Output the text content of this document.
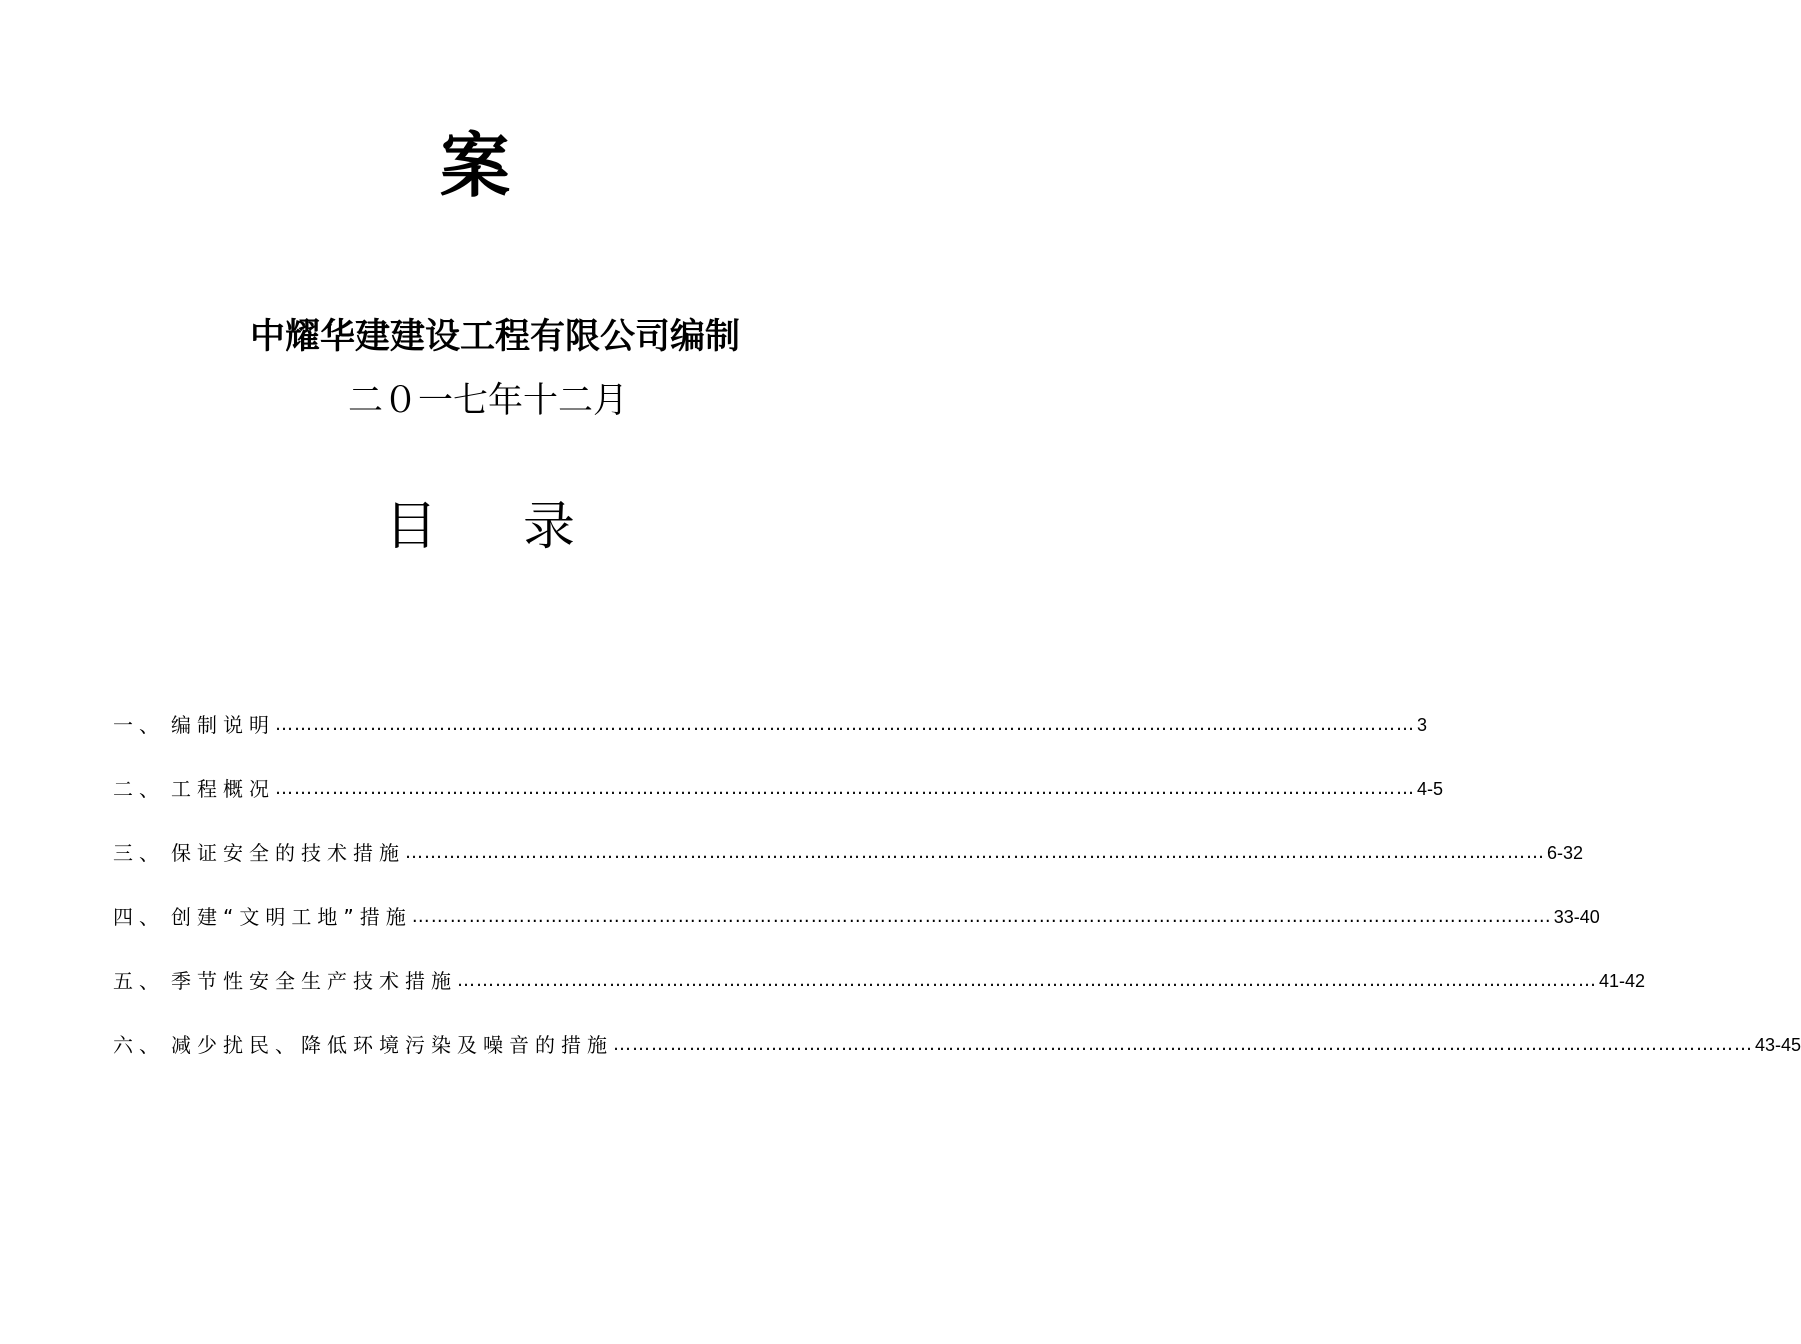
案
中耀华建建设工程有限公司编制
二０一七年十二月
目 录
一、 编制说明 ……………………………………………………………………………………………………………………………………………………………… 3
二、 工程概况 ……………………………………………………………………………………………………………………………………………………………… 4-5
三、 保证安全的技术措施 ……………………………………………………………………………………………………………………………………………………………… 6-32
四、 创建“文明工地”措施 ……………………………………………………………………………………………………………………………………………………………… 33-40
五、 季节性安全生产技术措施 ……………………………………………………………………………………………………………………………………………………………… 41-42
六、 减少扰民、降低环境污染及噪音的措施 ……………………………………………………………………………………………………………………………………………………………… 43-45
